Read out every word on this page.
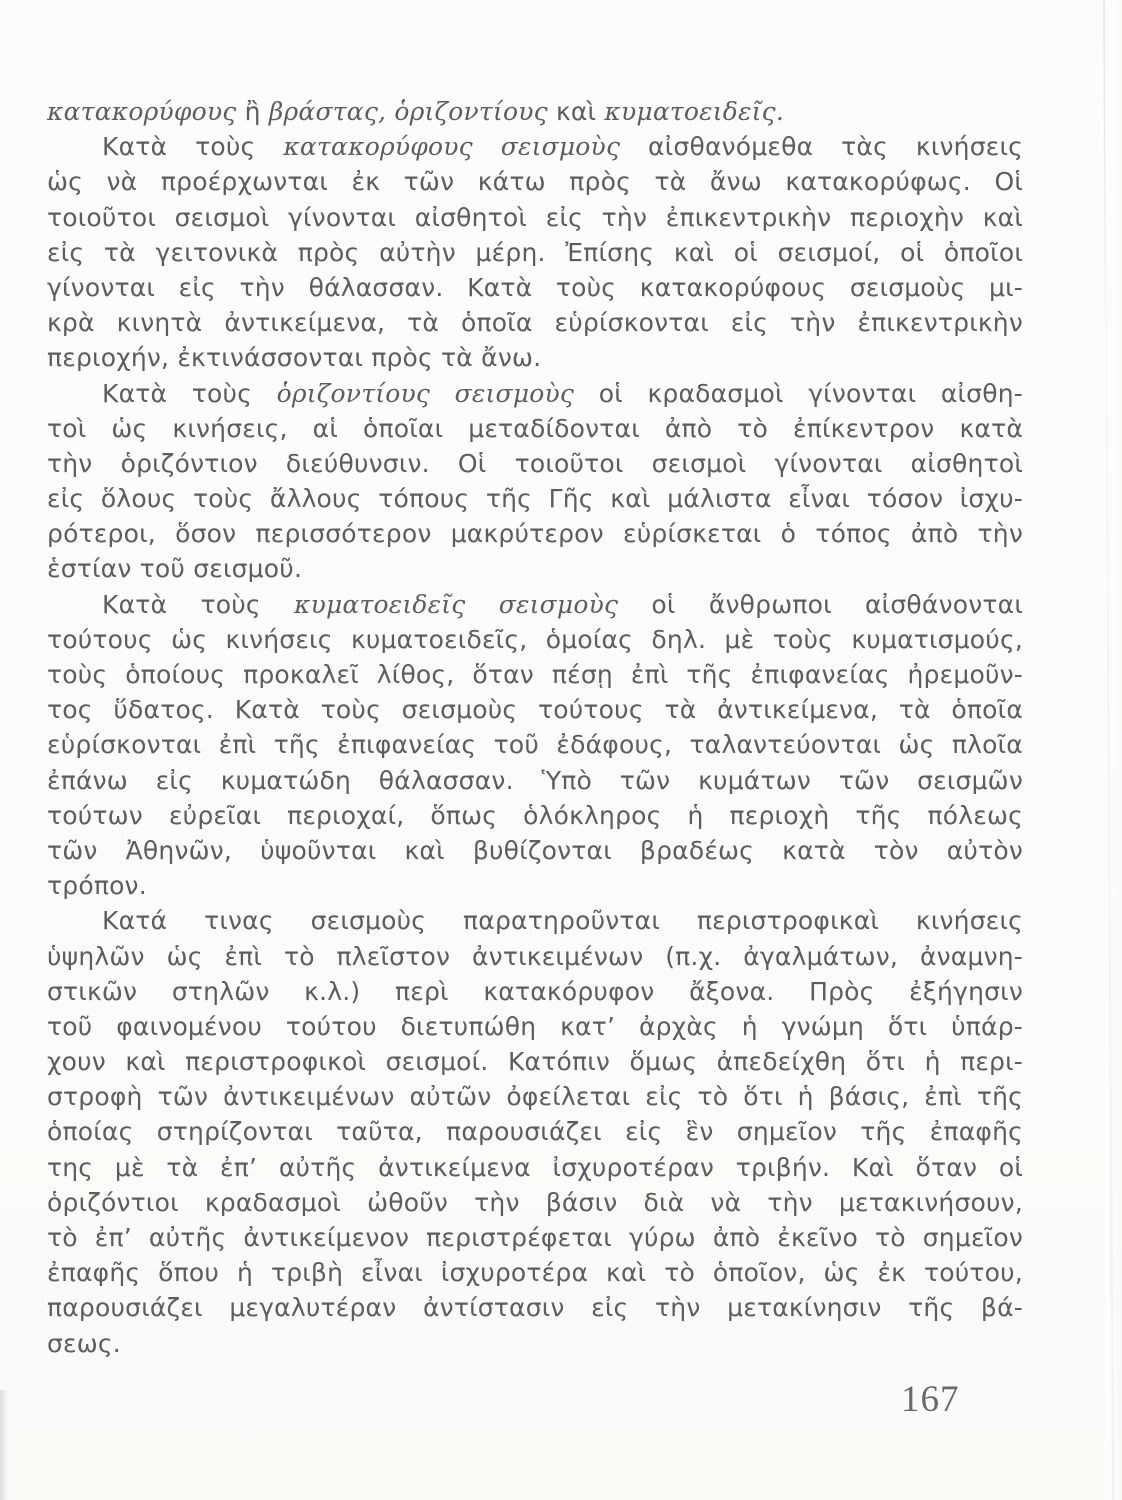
κατακορύφους ἢ βράστας, ὁριζοντίους καὶ κυματοειδεῖς.
Κατὰ τοὺς κατακορύφους σεισμοὺς αἰσθανόμεθα τὰς κινήσεις
ὡς νὰ προέρχωνται ἐκ τῶν κάτω πρὸς τὰ ἄνω κατακορύφως. Οἱ
τοιοῦτοι σεισμοὶ γίνονται αἰσθητοὶ εἰς τὴν ἐπικεντρικὴν περιοχὴν καὶ
εἰς τὰ γειτονικὰ πρὸς αὐτὴν μέρη. Ἐπίσης καὶ οἱ σεισμοί, οἱ ὁποῖοι
γίνονται εἰς τὴν θάλασσαν. Κατὰ τοὺς κατακορύφους σεισμοὺς μι-
κρὰ κινητὰ ἀντικείμενα, τὰ ὁποῖα εὑρίσκονται εἰς τὴν ἐπικεντρικὴν
περιοχήν, ἐκτινάσσονται πρὸς τὰ ἄνω.
Κατὰ τοὺς ὁριζοντίους σεισμοὺς οἱ κραδασμοὶ γίνονται αἰσθη-
τοὶ ὡς κινήσεις, αἱ ὁποῖαι μεταδίδονται ἀπὸ τὸ ἐπίκεντρον κατὰ
τὴν ὁριζόντιον διεύθυνσιν. Οἱ τοιοῦτοι σεισμοὶ γίνονται αἰσθητοὶ
εἰς ὅλους τοὺς ἄλλους τόπους τῆς Γῆς καὶ μάλιστα εἶναι τόσον ἰσχυ-
ρότεροι, ὅσον περισσότερον μακρύτερον εὑρίσκεται ὁ τόπος ἀπὸ τὴν
ἑστίαν τοῦ σεισμοῦ.
Κατὰ τοὺς κυματοειδεῖς σεισμοὺς οἱ ἄνθρωποι αἰσθάνονται
τούτους ὡς κινήσεις κυματοειδεῖς, ὁμοίας δηλ. μὲ τοὺς κυματισμούς,
τοὺς ὁποίους προκαλεῖ λίθος, ὅταν πέσῃ ἐπὶ τῆς ἐπιφανείας ἠρεμοῦν-
τος ὕδατος. Κατὰ τοὺς σεισμοὺς τούτους τὰ ἀντικείμενα, τὰ ὁποῖα
εὑρίσκονται ἐπὶ τῆς ἐπιφανείας τοῦ ἐδάφους, ταλαντεύονται ὡς πλοῖα
ἐπάνω εἰς κυματώδη θάλασσαν. Ὑπὸ τῶν κυμάτων τῶν σεισμῶν
τούτων εὐρεῖαι περιοχαί, ὅπως ὁλόκληρος ἡ περιοχὴ τῆς πόλεως
τῶν Ἀθηνῶν, ὑψοῦνται καὶ βυθίζονται βραδέως κατὰ τὸν αὐτὸν
τρόπον.
Κατά τινας σεισμοὺς παρατηροῦνται περιστροφικαὶ κινήσεις
ὑψηλῶν ὡς ἐπὶ τὸ πλεῖστον ἀντικειμένων (π.χ. ἀγαλμάτων, ἀναμνη-
στικῶν στηλῶν κ.λ.) περὶ κατακόρυφον ἄξονα. Πρὸς ἐξήγησιν
τοῦ φαινομένου τούτου διετυπώθη κατ’ ἀρχὰς ἡ γνώμη ὅτι ὑπάρ-
χουν καὶ περιστροφικοὶ σεισμοί. Κατόπιν ὅμως ἀπεδείχθη ὅτι ἡ περι-
στροφὴ τῶν ἀντικειμένων αὐτῶν ὀφείλεται εἰς τὸ ὅτι ἡ βάσις, ἐπὶ τῆς
ὁποίας στηρίζονται ταῦτα, παρουσιάζει εἰς ἓν σημεῖον τῆς ἐπαφῆς
της μὲ τὰ ἐπ’ αὐτῆς ἀντικείμενα ἰσχυροτέραν τριβήν. Καὶ ὅταν οἱ
ὁριζόντιοι κραδασμοὶ ὠθοῦν τὴν βάσιν διὰ νὰ τὴν μετακινήσουν,
τὸ ἐπ’ αὐτῆς ἀντικείμενον περιστρέφεται γύρω ἀπὸ ἐκεῖνο τὸ σημεῖον
ἐπαφῆς ὅπου ἡ τριβὴ εἶναι ἰσχυροτέρα καὶ τὸ ὁποῖον, ὡς ἐκ τούτου,
παρουσιάζει μεγαλυτέραν ἀντίστασιν εἰς τὴν μετακίνησιν τῆς βά-
σεως.
167
